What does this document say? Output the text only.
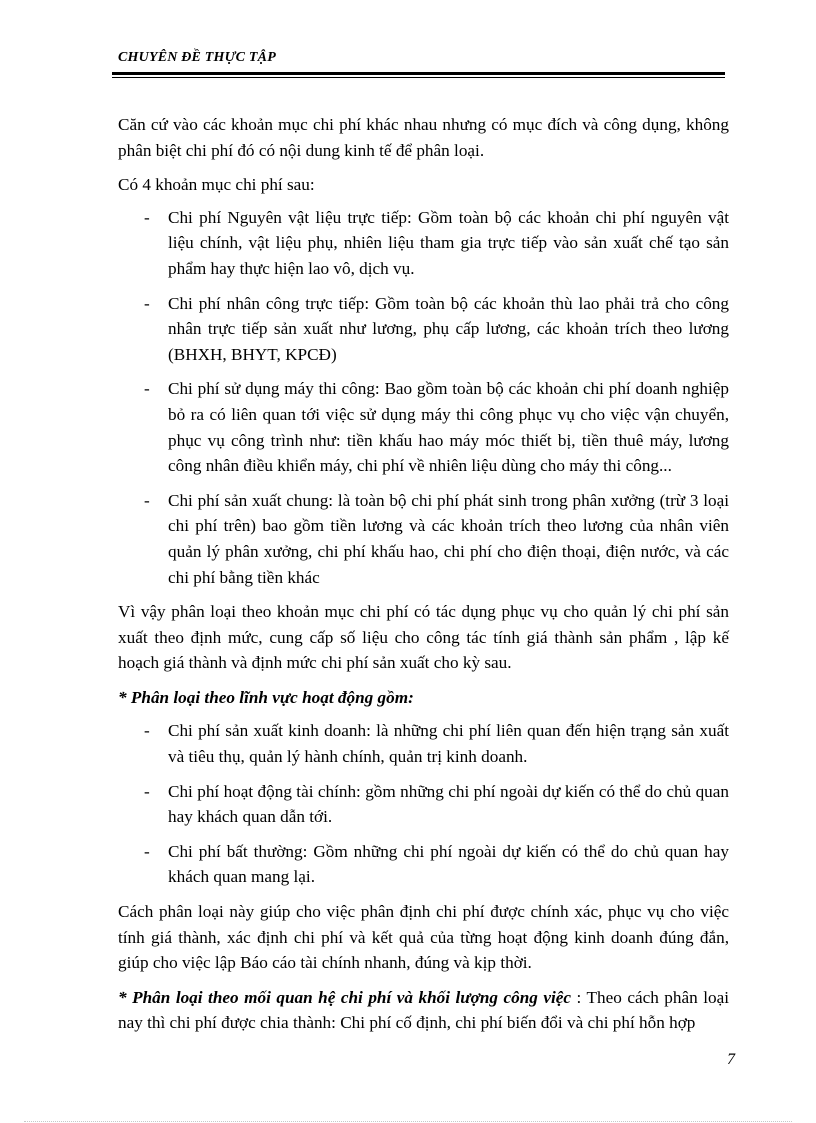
CHUYÊN ĐỀ THỰC TẬP

Căn cứ vào các khoản mục chi phí khác nhau nhưng có mục đích và công dụng, không phân biệt chi phí đó có nội dung kinh tế để phân loại.

Có 4 khoản mục chi phí sau:

- Chi phí Nguyên vật liệu trực tiếp: Gồm toàn bộ các khoản chi phí nguyên vật liệu chính, vật liệu phụ, nhiên liệu tham gia trực tiếp vào sản xuất chế tạo sản phẩm hay thực hiện lao vô, dịch vụ.
- Chi phí nhân công trực tiếp: Gồm toàn bộ các khoản thù lao phải trả cho công nhân trực tiếp sản xuất như lương, phụ cấp lương, các khoản trích theo lương (BHXH, BHYT, KPCĐ)
- Chi phí sử dụng máy thi công: Bao gồm toàn bộ các khoản chi phí doanh nghiệp bỏ ra có liên quan tới việc sử dụng máy thi công phục vụ cho việc vận chuyển, phục vụ công trình như: tiền khấu hao máy móc thiết bị, tiền thuê máy, lương công nhân điều khiển máy, chi phí về nhiên liệu dùng cho máy thi công...
- Chi phí sản xuất chung: là toàn bộ chi phí phát sinh trong phân xưởng (trừ 3 loại chi phí trên) bao gồm tiền lương và các khoản trích theo lương của nhân viên quản lý phân xưởng, chi phí khấu hao, chi phí cho điện thoại, điện nước, và các chi phí bằng tiền khác

Vì vậy phân loại theo khoản mục chi phí có tác dụng phục vụ cho quản lý chi phí sản xuất theo định mức, cung cấp số liệu cho công tác tính giá thành sản phẩm , lập kế hoạch giá thành và định mức chi phí sản xuất cho kỳ sau.

* Phân loại theo lĩnh vực hoạt động gồm:
- Chi phí sản xuất kinh doanh: là những chi phí liên quan đến hiện trạng sản xuất và tiêu thụ, quản lý hành chính, quản trị kinh doanh.
- Chi phí hoạt động tài chính: gồm những chi phí ngoài dự kiến có thể do chủ quan hay khách quan dẫn tới.
- Chi phí bất thường: Gồm những chi phí ngoài dự kiến có thể do chủ quan hay khách quan mang lại.

Cách phân loại này giúp cho việc phân định chi phí được chính xác, phục vụ cho việc tính giá thành, xác định chi phí và kết quả của từng hoạt động kinh doanh đúng đắn, giúp cho việc lập Báo cáo tài chính nhanh, đúng và kịp thời.

* Phân loại theo mối quan hệ chi phí và khối lượng công việc : Theo cách phân loại nay thì chi phí được chia thành: Chi phí cố định, chi phí biến đổi và chi phí hỗn hợp

7
